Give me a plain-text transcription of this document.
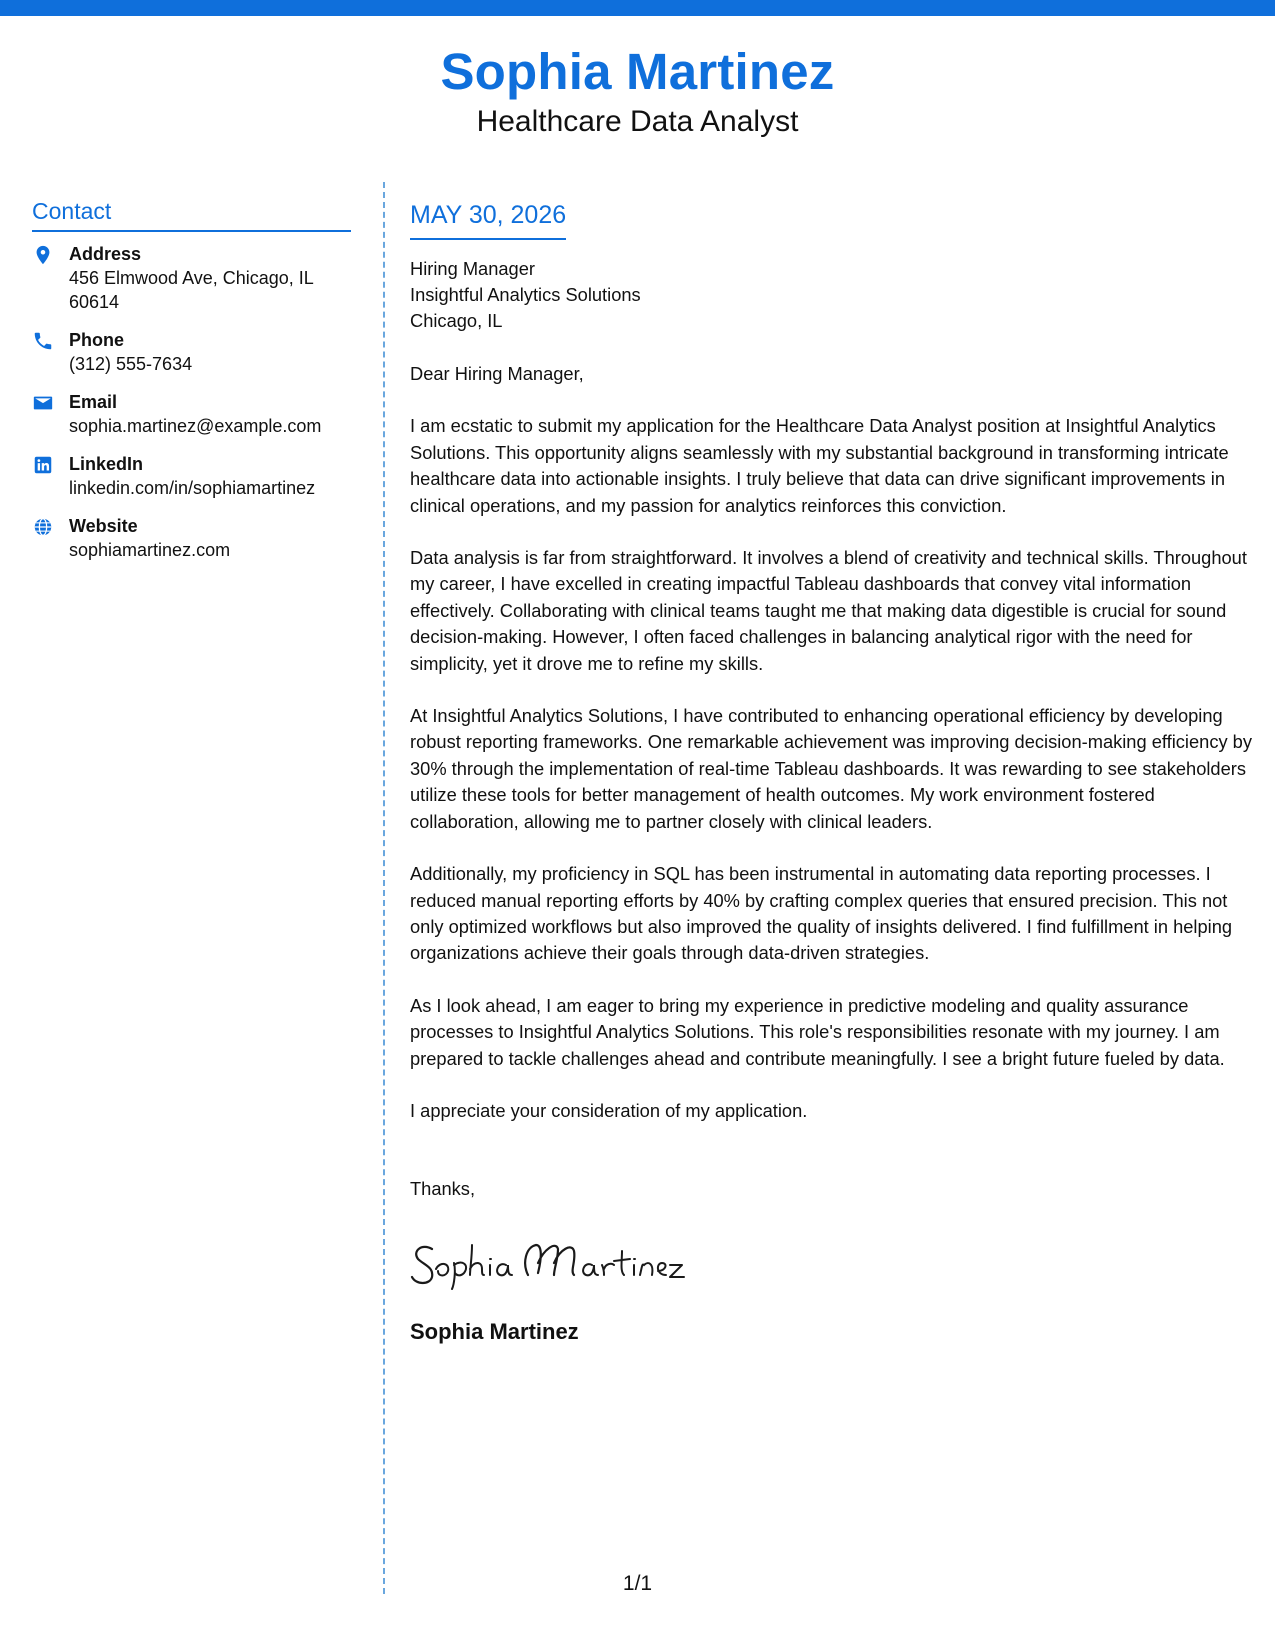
Sophia Martinez
Healthcare Data Analyst
Contact
Address
456 Elmwood Ave, Chicago, IL 60614
Phone
(312) 555-7634
Email
sophia.martinez@example.com
LinkedIn
linkedin.com/in/sophiamartinez
Website
sophiamartinez.com
MAY 30, 2026
Hiring Manager
Insightful Analytics Solutions
Chicago, IL
Dear Hiring Manager,

I am ecstatic to submit my application for the Healthcare Data Analyst position at Insightful Analytics Solutions. This opportunity aligns seamlessly with my substantial background in transforming intricate healthcare data into actionable insights. I truly believe that data can drive significant improvements in clinical operations, and my passion for analytics reinforces this conviction.

Data analysis is far from straightforward. It involves a blend of creativity and technical skills. Throughout my career, I have excelled in creating impactful Tableau dashboards that convey vital information effectively. Collaborating with clinical teams taught me that making data digestible is crucial for sound decision-making. However, I often faced challenges in balancing analytical rigor with the need for simplicity, yet it drove me to refine my skills.

At Insightful Analytics Solutions, I have contributed to enhancing operational efficiency by developing robust reporting frameworks. One remarkable achievement was improving decision-making efficiency by 30% through the implementation of real-time Tableau dashboards. It was rewarding to see stakeholders utilize these tools for better management of health outcomes. My work environment fostered collaboration, allowing me to partner closely with clinical leaders.

Additionally, my proficiency in SQL has been instrumental in automating data reporting processes. I reduced manual reporting efforts by 40% by crafting complex queries that ensured precision. This not only optimized workflows but also improved the quality of insights delivered. I find fulfillment in helping organizations achieve their goals through data-driven strategies.

As I look ahead, I am eager to bring my experience in predictive modeling and quality assurance processes to Insightful Analytics Solutions. This role's responsibilities resonate with my journey. I am prepared to tackle challenges ahead and contribute meaningfully. I see a bright future fueled by data.

I appreciate your consideration of my application.

Thanks,
Sophia Martinez
1/1
